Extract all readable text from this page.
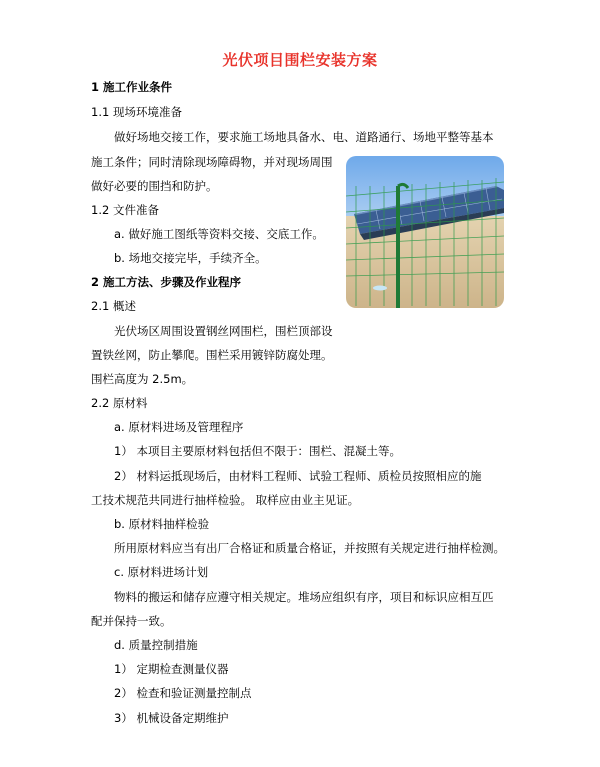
光伏项目围栏安装方案
1 施工作业条件
1.1 现场环境准备
做好场地交接工作，要求施工场地具备水、电、道路通行、场地平整等基本
施工条件；同时清除现场障碍物，并对现场周围
做好必要的围挡和防护。
1.2 文件准备
a. 做好施工图纸等资料交接、交底工作。
b. 场地交接完毕，手续齐全。
2 施工方法、步骤及作业程序
2.1 概述
光伏场区周围设置钢丝网围栏，围栏顶部设
置铁丝网，防止攀爬。围栏采用镀锌防腐处理。
围栏高度为 2.5m。
2.2 原材料
a. 原材料进场及管理程序
1） 本项目主要原材料包括但不限于：围栏、混凝土等。
2） 材料运抵现场后，由材料工程师、试验工程师、质检员按照相应的施
工技术规范共同进行抽样检验。 取样应由业主见证。
b. 原材料抽样检验
所用原材料应当有出厂合格证和质量合格证，并按照有关规定进行抽样检测。
c. 原材料进场计划
物料的搬运和储存应遵守相关规定。堆场应组织有序，项目和标识应相互匹
配并保持一致。
d. 质量控制措施
1） 定期检查测量仪器
2） 检查和验证测量控制点
3） 机械设备定期维护
